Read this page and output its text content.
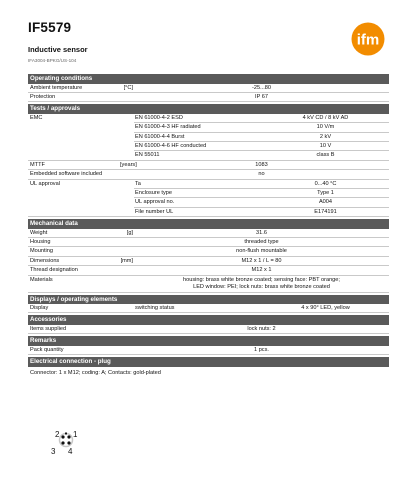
IF5579
Inductive sensor
IFA3004-BPKG/US-104
ifm
Operating conditions
Ambient temperature	[°C]	-25...80
Protection	IP 67
Tests / approvals
EMC	EN 61000-4-2 ESD	4 kV CD / 8 kV AD
EN 61000-4-3 HF radiated	10 V/m
EN 61000-4-4 Burst	2 kV
EN 61000-4-6 HF conducted	10 V
EN 55011	class B
MTTF	[years]	1083
Embedded software included	no
UL approval	Ta	0...40 °C
Enclosure type	Type 1
UL approval no.	A004
File number UL	E174191
Mechanical data
Weight	[g]	31.6
Housing	threaded type
Mounting	non-flush mountable
Dimensions	[mm]	M12 x 1 / L = 80
Thread designation	M12 x 1
Materials	housing: brass white bronze coated; sensing face: PBT orange;
LED window: PEI; lock nuts: brass white bronze coated
Displays / operating elements
Display	switching status	4 x 90° LED, yellow
Accessories
Items supplied	lock nuts: 2
Remarks
Pack quantity	1 pcs.
Electrical connection - plug
Connector: 1 x M12; coding: A; Contacts: gold-plated
2 1
3 4
